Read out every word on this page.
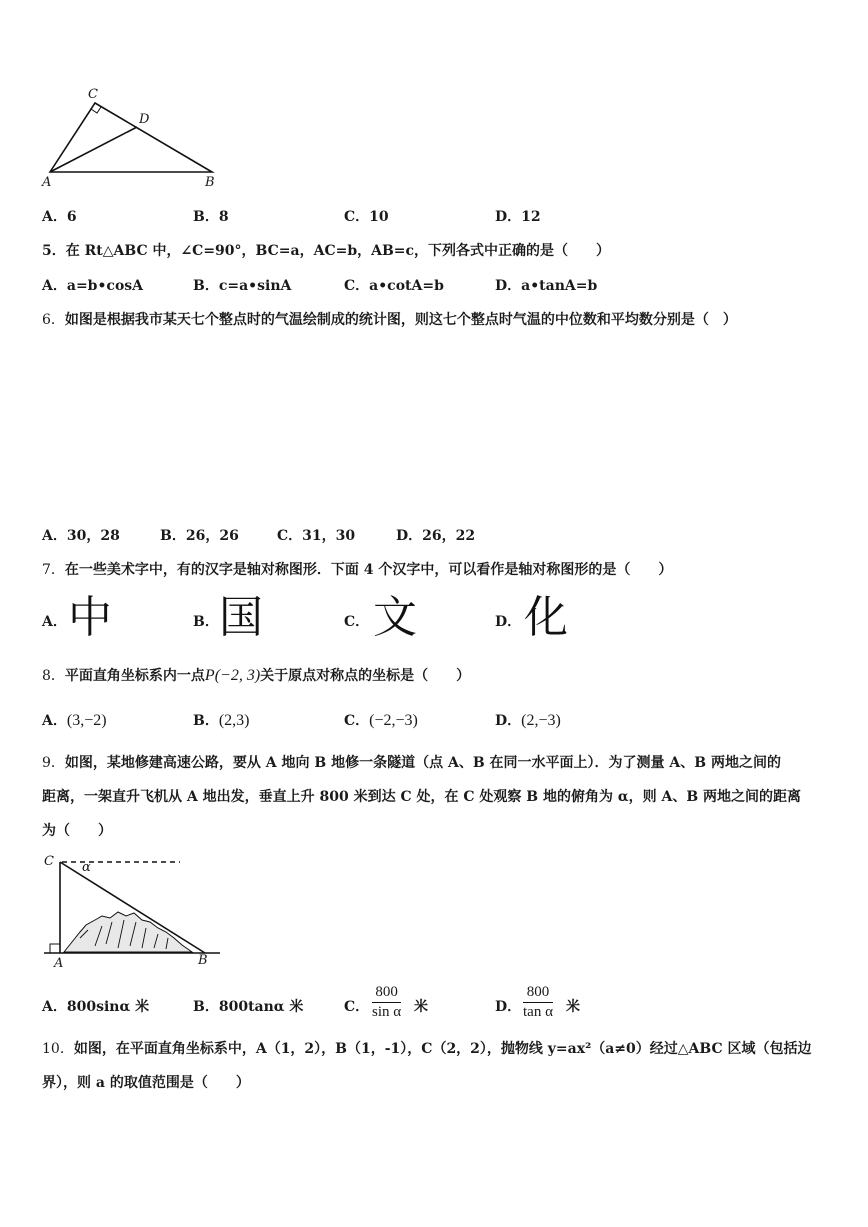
C
D
A	B
A．6	B．8	C．10	D．12
5．在 Rt△ABC 中，∠C=90°，BC=a，AC=b，AB=c，下列各式中正确的是（　　）
A．a=b•cosA	B．c=a•sinA	C．a•cotA=b	D．a•tanA=b
6．如图是根据我市某天七个整点时的气温绘制成的统计图，则这七个整点时气温的中位数和平均数分别是（　）
A．30，28	B．26，26	C．31，30	D．26，22
7．在一些美术字中，有的汉字是轴对称图形．下面 4 个汉字中，可以看作是轴对称图形的是（　　）
A． 中	B． 国	C． 文	D． 化
8．平面直角坐标系内一点P(−2, 3)关于原点对称点的坐标是（　　）
A．(3,−2)	B．(2,3)	C．(−2,−3)	D．(2,−3)
9．如图，某地修建高速公路，要从 A 地向 B 地修一条隧道（点 A、B 在同一水平面上）．为了测量 A、B 两地之间的
距离，一架直升飞机从 A 地出发，垂直上升 800 米到达 C 处，在 C 处观察 B 地的俯角为 α，则 A、B 两地之间的距离
为（　　）
C α
A	B
A．800sinα 米	B．800tanα 米	C． $\frac{800}{\text{sin α}}$ 米	D． $\frac{800}{\text{tan α}}$ 米
10．如图，在平面直角坐标系中，A（1，2），B（1，-1），C（2，2），抛物线 y=ax²（a≠0）经过△ABC 区域（包括边
界），则 a 的取值范围是（　　）
